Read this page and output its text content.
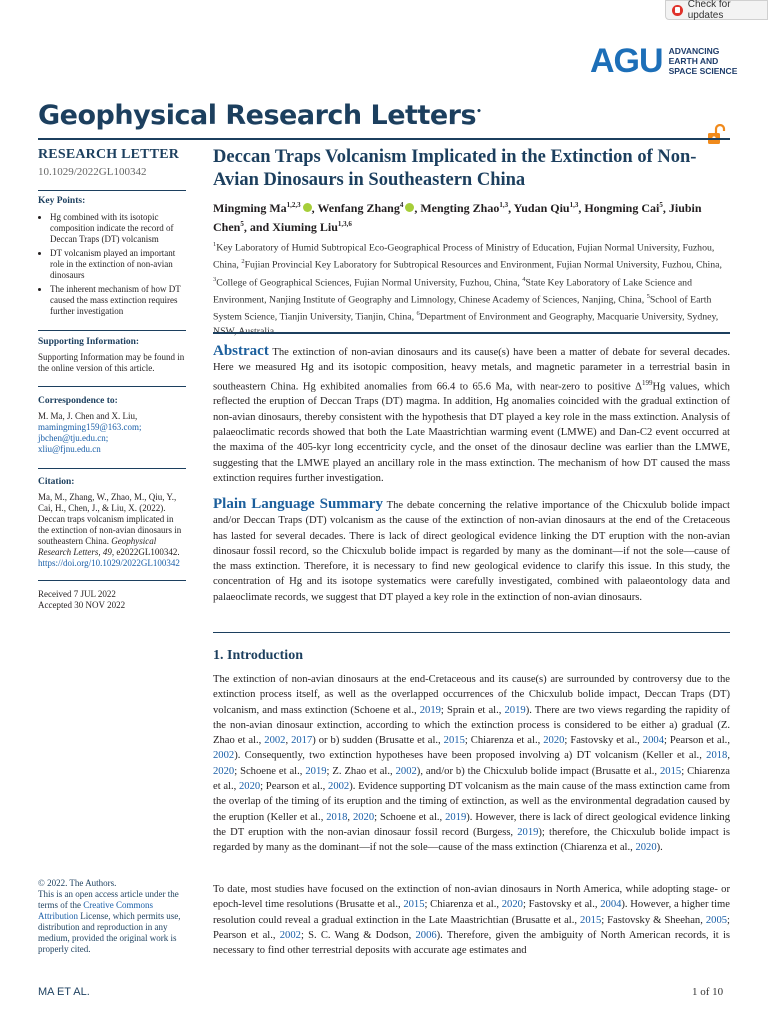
Check for updates
AGU ADVANCING
EARTH AND
SPACE SCIENCE
Geophysical Research Letters•
RESEARCH LETTER
10.1029/2022GL100342
Key Points:
• Hg combined with its isotopic composition indicate the record of Deccan Traps (DT) volcanism
• DT volcanism played an important role in the extinction of non-avian dinosaurs
• The inherent mechanism of how DT caused the mass extinction requires further investigation
Supporting Information:
Supporting Information may be found in the online version of this article.
Correspondence to:
M. Ma, J. Chen and X. Liu,
mamingming159@163.com;
jbchen@tju.edu.cn;
xliu@fjnu.edu.cn
Citation:
Ma, M., Zhang, W., Zhao, M., Qiu, Y., Cai, H., Chen, J., & Liu, X. (2022). Deccan traps volcanism implicated in the extinction of non-avian dinosaurs in southeastern China. Geophysical Research Letters, 49, e2022GL100342. https://doi.org/10.1029/2022GL100342
Received 7 JUL 2022
Accepted 30 NOV 2022
© 2022. The Authors.
This is an open access article under the terms of the Creative Commons Attribution License, which permits use, distribution and reproduction in any medium, provided the original work is properly cited.
Deccan Traps Volcanism Implicated in the Extinction of Non-Avian Dinosaurs in Southeastern China
Mingming Ma$^{1,2,3}$ , Wenfang Zhang$^4$ , Mengting Zhao$^{1,3}$, Yudan Qiu$^{1,3}$, Hongming Cai$^5$, Jiubin Chen$^5$, and Xiuming Liu$^{1,3,6}$
$^1$Key Laboratory of Humid Subtropical Eco-Geographical Process of Ministry of Education, Fujian Normal University, Fuzhou, China, $^2$Fujian Provincial Key Laboratory for Subtropical Resources and Environment, Fujian Normal University, Fuzhou, China, $^3$College of Geographical Sciences, Fujian Normal University, Fuzhou, China, $^4$State Key Laboratory of Lake Science and Environment, Nanjing Institute of Geography and Limnology, Chinese Academy of Sciences, Nanjing, China, $^5$School of Earth System Science, Tianjin University, Tianjin, China, $^6$Department of Environment and Geography, Macquarie University, Sydney,
Abstract The extinction of non-avian dinosaurs and its cause(s) have been a matter of debate for several decades. Here we measured Hg and its isotopic composition, heavy metals, and magnetic parameter in a terrestrial basin in southeastern China. Hg exhibited anomalies from 66.4 to 65.6 Ma, with near-zero to positive $\Delta^{199}Hg$ values, which reflected the eruption of Deccan Traps (DT) magma. In addition, Hg anomalies coincided with the gradual extinction of non-avian dinosaurs, thereby consistent with the hypothesis that DT played a key role in the mass extinction. Analysis of palaeoclimatic records showed that both the Late Maastrichtian warming event (LMWE) and Dan-C2 event occurred at the maxima of the 405-kyr long eccentricity cycle, and the onset of the dinosaur decline was earlier than the LMWE, suggesting that the LMWE played an ancillary role in the mass extinction. The mechanism of how DT caused the mass extinction requires further investigation.
Plain Language Summary The debate concerning the relative importance of the Chicxulub bolide impact and/or Deccan Traps (DT) volcanism as the cause of the extinction of non-avian dinosaurs at the end of the Cretaceous has lasted for several decades. There is lack of direct geological evidence linking the DT eruption with the non-avian dinosaur fossil record, so the Chicxulub bolide impact is regarded by many as the dominant—if not the sole—cause of the mass extinction. Therefore, it is necessary to find new geological evidence to clarify this issue. In this study, the concentration of Hg and its isotope systematics were carefully investigated, combined with palaeontology data and palaeoclimate records, we suggest that DT played a key role in the extinction of non-avian dinosaurs.
1. Introduction
The extinction of non-avian dinosaurs at the end-Cretaceous and its cause(s) are surrounded by controversy due to the extinction process itself, as well as the overlapped occurrences of the Chicxulub bolide impact, Deccan Traps (DT) volcanism, and mass extinction (Schoene et al., 2019; Sprain et al., 2019). There are two views regarding the rapidity of the non-avian dinosaur extinction, according to which the extinction process is considered to be either a) gradual (Z. Zhao et al., 2002, 2017) or b) sudden (Brusatte et al., 2015; Chiarenza et al., 2020; Fastovsky et al., 2004; Pearson et al., 2002). Consequently, two extinction hypotheses have been proposed involving a) DT volcanism (Keller et al., 2018, 2020; Schoene et al., 2019; Z. Zhao et al., 2002), and/or b) the Chicxulub bolide impact (Brusatte et al., 2015; Chiarenza et al., 2020; Pearson et al., 2002). Evidence supporting DT volcanism as the main cause of the mass extinction came from the overlap of the timing of its eruption and the timing of extinction, as well as the environmental degradation caused by the eruption (Keller et al., 2018, 2020; Schoene et al., 2019). However, there is lack of direct geological evidence linking the DT eruption with the non-avian dinosaur fossil record (Burgess, 2019); therefore, the Chicxulub bolide impact is regarded by many as the dominant—if not the sole—cause of the mass extinction (Chiarenza et al., 2020).
To date, most studies have focused on the extinction of non-avian dinosaurs in North America, while adopting stage- or epoch-level time resolutions (Brusatte et al., 2015; Chiarenza et al., 2020; Fastovsky et al., 2004). However, a higher time resolution could reveal a gradual extinction in the Late Maastrichtian (Brusatte et al., 2015; Fastovsky & Sheehan, 2005; Pearson et al., 2002; S. C. Wang & Dodson, 2006). Therefore, given the ambiguity of North American records, it is necessary to find other terrestrial deposits with accurate age estimates and
MA ET AL.	1 of 10
